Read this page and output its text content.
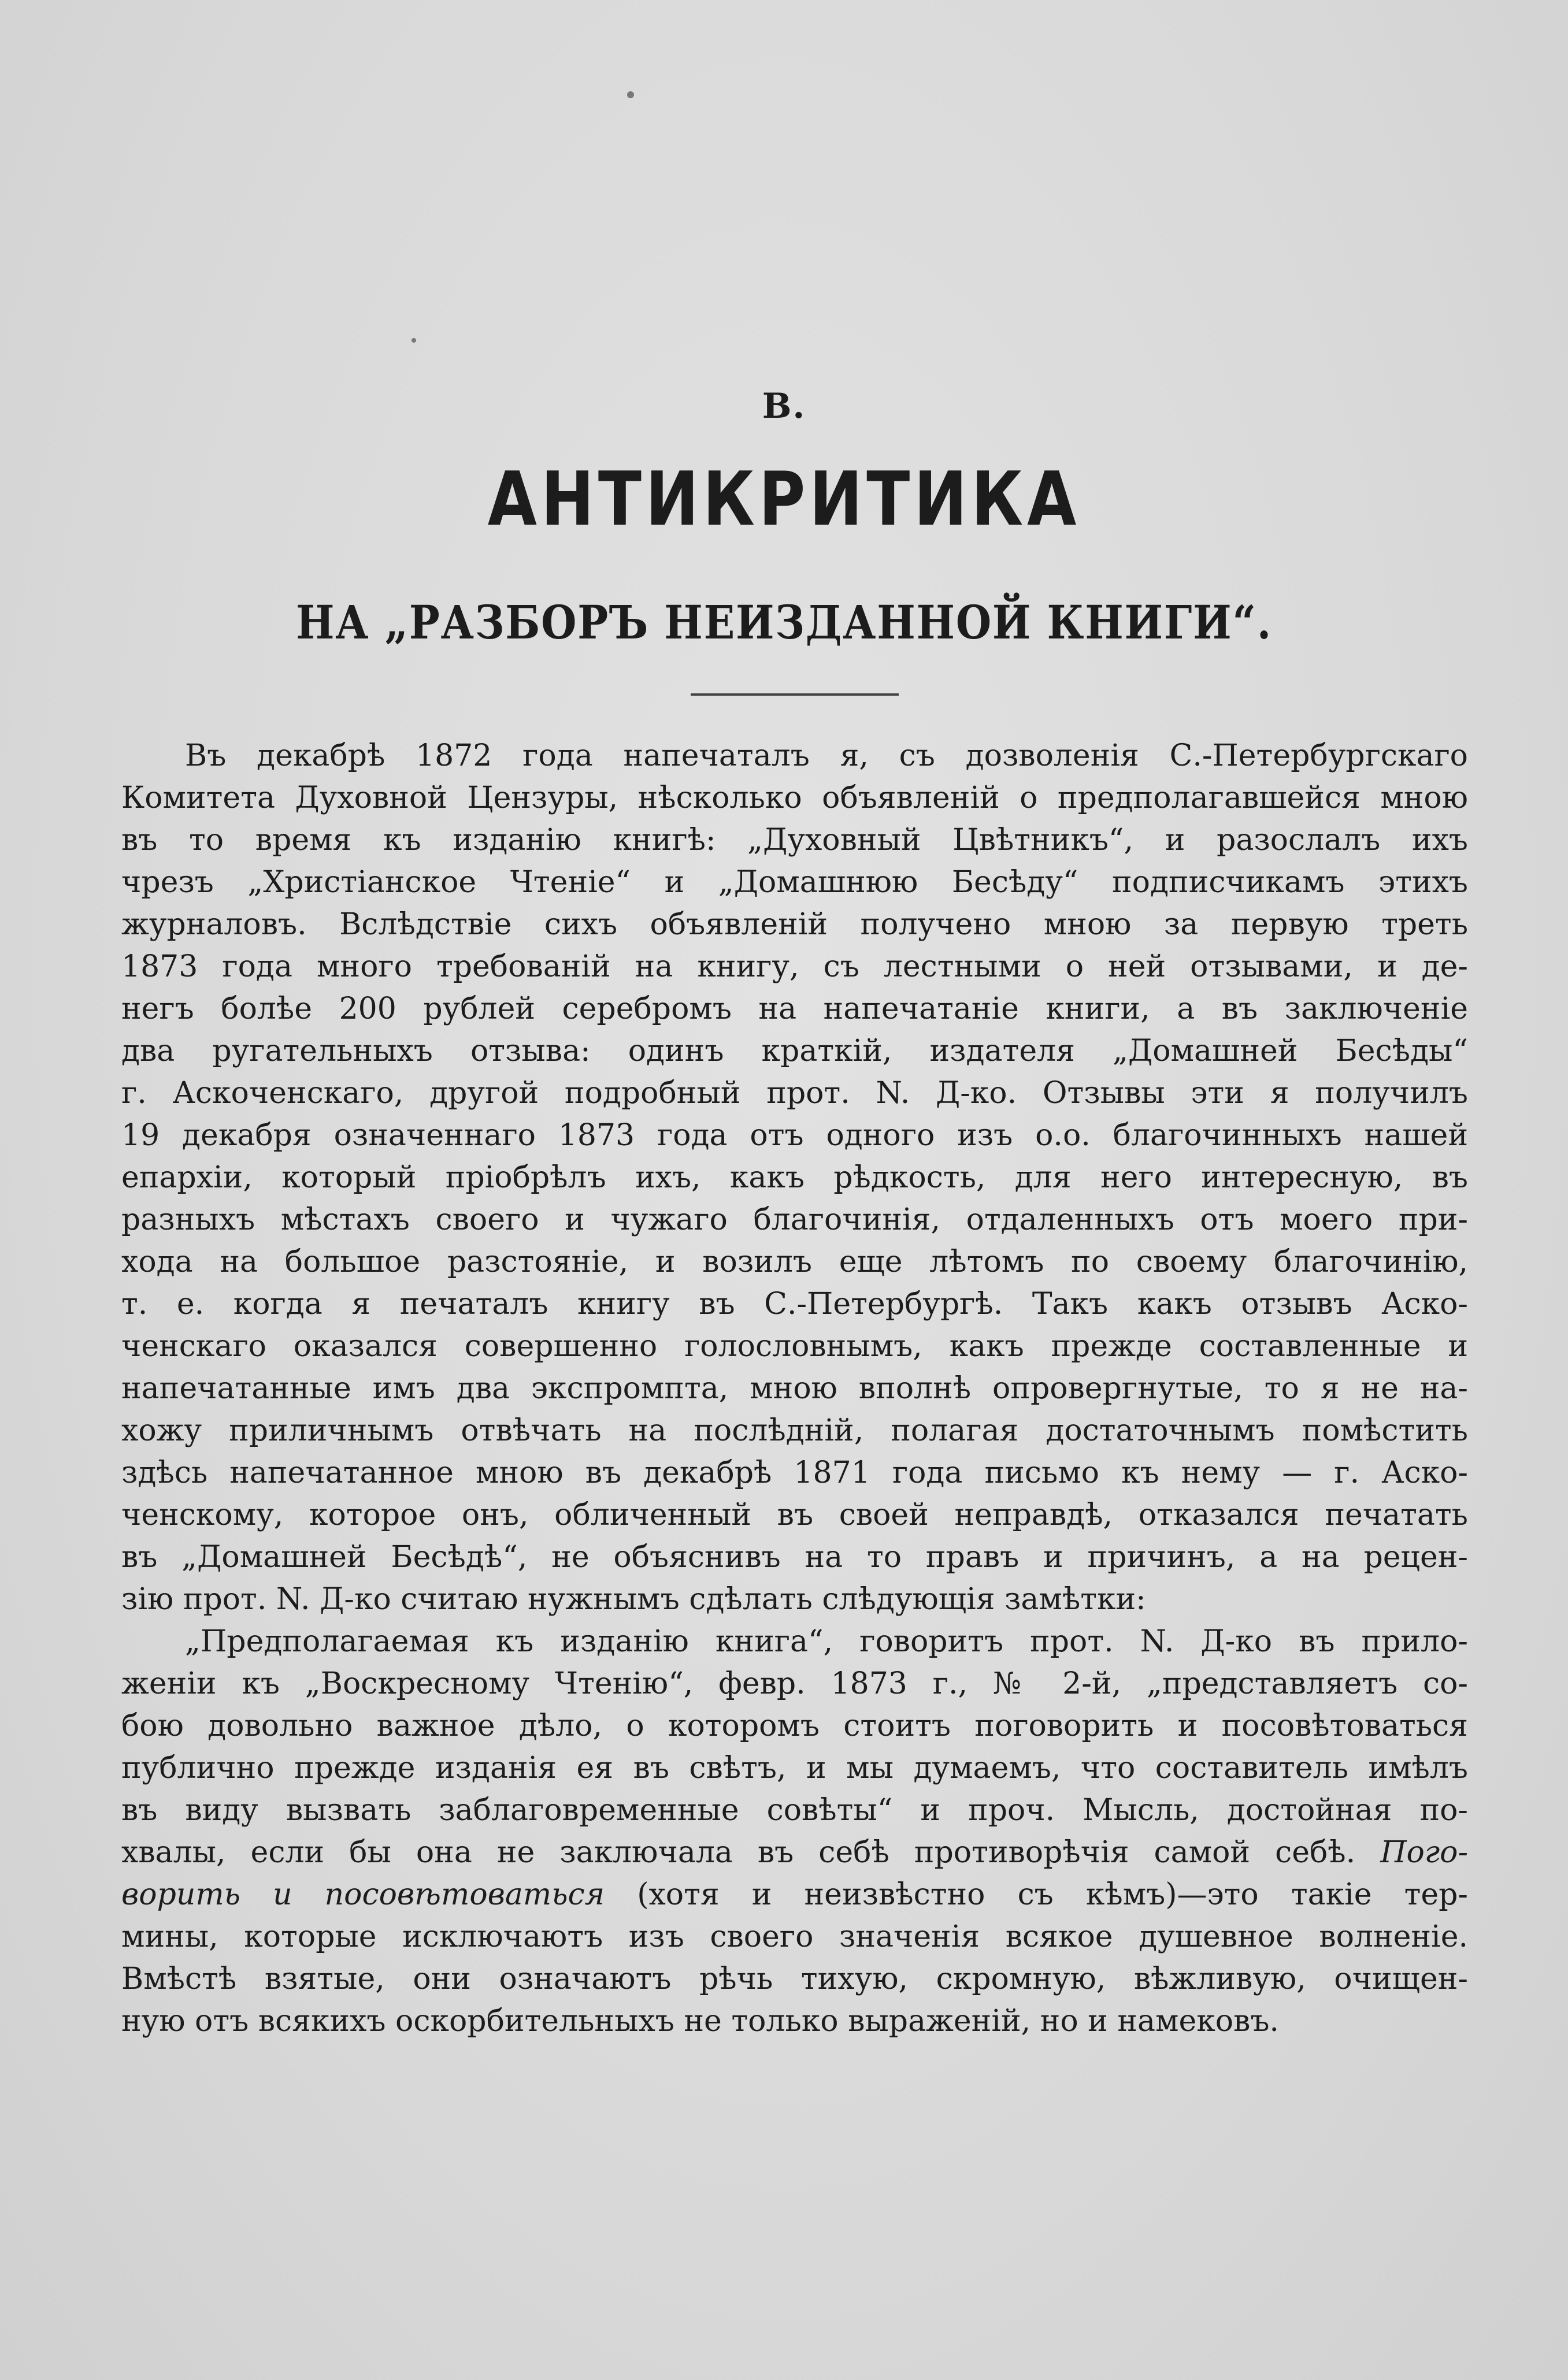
В.
АНТИКРИТИКА
НА „РАЗБОРЪ НЕИЗДАННОЙ КНИГИ“.
Въ декабрѣ 1872 года напечаталъ я, съ дозволенія С.-Петербургскаго
Комитета Духовной Цензуры, нѣсколько объявленій о предполагавшейся мною
въ то время къ изданію книгѣ: „Духовный Цвѣтникъ“, и разослалъ ихъ
чрезъ „Христіанское Чтеніе“ и „Домашнюю Бесѣду“ подписчикамъ этихъ
журналовъ. Вслѣдствіе сихъ объявленій получено мною за первую треть
1873 года много требованій на книгу, съ лестными о ней отзывами, и де-
негъ болѣе 200 рублей серебромъ на напечатаніе книги, а въ заключеніе
два ругательныхъ отзыва: одинъ краткій, издателя „Домашней Бесѣды“
г. Аскоченскаго, другой подробный прот. N. Д-ко. Отзывы эти я получилъ
19 декабря означеннаго 1873 года отъ одного изъ о.о. благочинныхъ нашей
епархіи, который пріобрѣлъ ихъ, какъ рѣдкость, для него интересную, въ
разныхъ мѣстахъ своего и чужаго благочинія, отдаленныхъ отъ моего при-
хода на большое разстояніе, и возилъ еще лѣтомъ по своему благочинію,
т. е. когда я печаталъ книгу въ С.-Петербургѣ. Такъ какъ отзывъ Аско-
ченскаго оказался совершенно голословнымъ, какъ прежде составленные и
напечатанные имъ два экспромпта, мною вполнѣ опровергнутые, то я не на-
хожу приличнымъ отвѣчать на послѣдній, полагая достаточнымъ помѣстить
здѣсь напечатанное мною въ декабрѣ 1871 года письмо къ нему — г. Аско-
ченскому, которое онъ, обличенный въ своей неправдѣ, отказался печатать
въ „Домашней Бесѣдѣ“, не объяснивъ на то правъ и причинъ, а на рецен-
зію прот. N. Д-ко считаю нужнымъ сдѣлать слѣдующія замѣтки:
„Предполагаемая къ изданію книга“, говоритъ прот. N. Д-ко въ прило-
женіи къ „Воскресному Чтенію“, февр. 1873 г., № 2-й, „представляетъ со-
бою довольно важное дѣло, о которомъ стоитъ поговорить и посовѣтоваться
публично прежде изданія ея въ свѣтъ, и мы думаемъ, что составитель имѣлъ
въ виду вызвать заблаговременные совѣты“ и проч. Мысль, достойная по-
хвалы, если бы она не заключала въ себѣ противорѣчія самой себѣ. Пого-
ворить и посовѣтоваться (хотя и неизвѣстно съ кѣмъ)—это такіе тер-
мины, которые исключаютъ изъ своего значенія всякое душевное волненіе.
Вмѣстѣ взятые, они означаютъ рѣчь тихую, скромную, вѣжливую, очищен-
ную отъ всякихъ оскорбительныхъ не только выраженій, но и намековъ.
